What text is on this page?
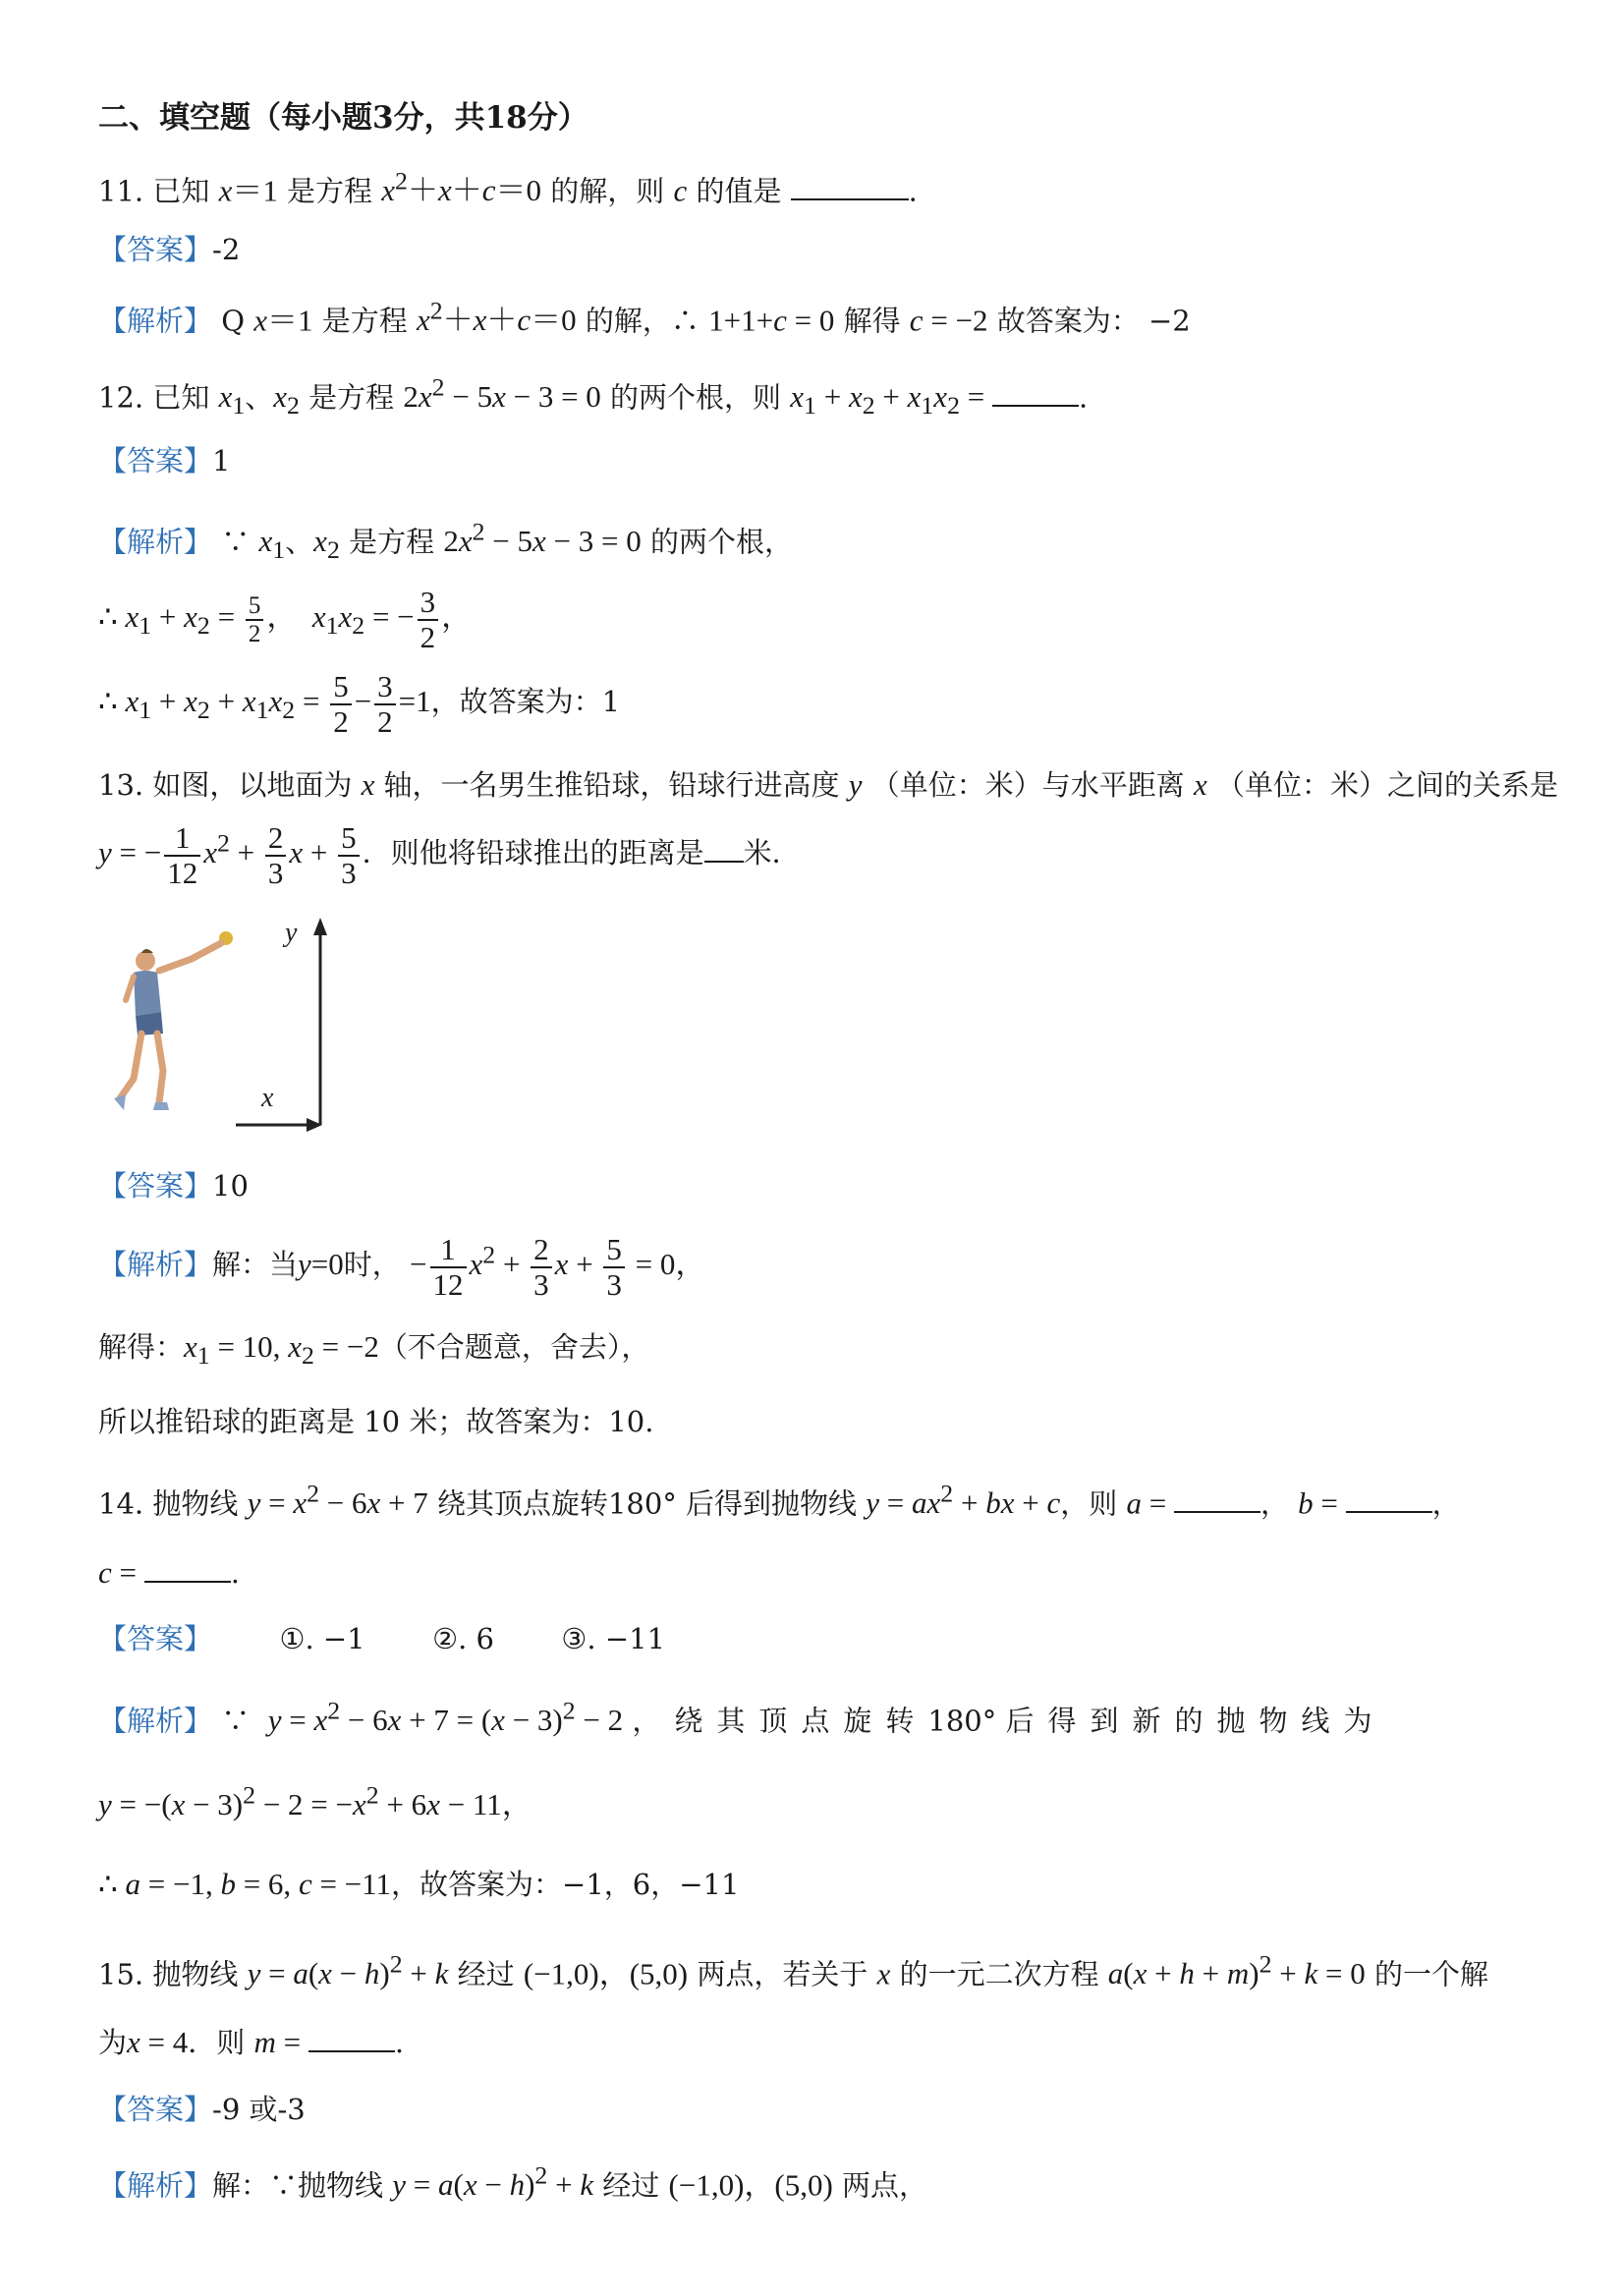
二、填空题（每小题3分，共18分）
11. 已知 x＝1 是方程 $x^2+x+c=0$ 的解，则 c 的值是	.
【答案】-2
【解析】 Q x＝1 是方程 $x^2+x+c=0$ 的解，∴ 1+1+c = 0 解得 c = −2 故答案为： −2
12. 已知 $x_1$、$x_2$ 是方程 $2x^2 - 5x - 3 = 0$ 的两个根，则 $x_1 + x_2 + x_1x_2$ =	.
【答案】1
【解析】 ∵ $x_1$、$x_2$ 是方程 $2x^2 - 5x - 3 = 0$ 的两个根，
∴ $x_1 + x_2 = \frac{5}{2}$ ，  $x_1x_2$ = − $\frac{3}{2}$ ，
∴ $x_1 + x_2 + x_1x_2 = \frac{5}{2} - \frac{3}{2} =1$，故答案为：1
13. 如图，以地面为 x 轴，一名男生推铅球，铅球行进高度 y （单位：米）与水平距离 x （单位：米）之间的关系是
y = − $\frac{1}{12} x^2 + \frac{2}{3}$ $x + \frac{5}{3}$ ．则他将铅球推出的距离是 米．
y
x
【答案】10
【解析】解：当y=0时， − $\frac{1}{12} x^2 + \frac{2}{3}$ $x + \frac{5}{3} = 0$，
解得：$x_1 = 10$, $x_2 = -2$（不合题意，舍去），
所以推铅球的距离是 10 米；故答案为：10.
14. 抛物线 $y = x^2 - 6x + 7$ 绕其顶点旋转180° 后得到抛物线 $y = ax^2$ + bx + c，则 a =	， b =	，
c =	.
【答案】 ①. −1 ②. 6 ③. −11
【解析】 ∵ $y = x^2 - 6x + 7 = (x - 3)^2 - 2$ ，绕其顶点旋转180° 后得到新的抛物线为
$y = -(x - 3)^2 - 2 = -x^2 + 6x - 11$，
∴ a = −1, b = 6, c = −11，故答案为：−1，6，−11
15. 抛物线 $y = a(x - h)^2 + k$ 经过 (−1,0)，(5,0) 两点，若关于 x 的一元二次方程 $a(x + h + m)^2 + k = 0$ 的一个解
为x = 4．则 m =	.
【答案】-9 或-3
【解析】解：∵抛物线 $y = a(x - h)^2 + k$ 经过 (−1,0)，(5,0) 两点，
